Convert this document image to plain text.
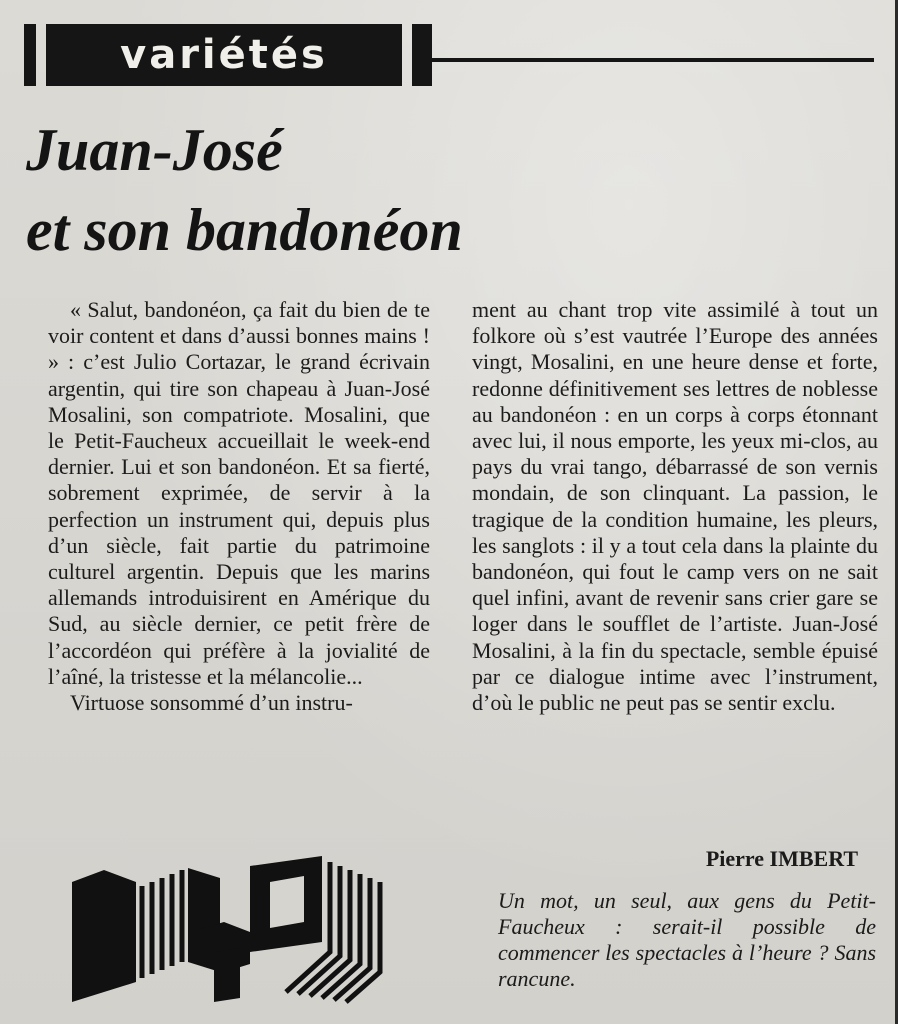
variétés
Juan-José
et son bandonéon

« Salut, bandonéon, ça fait du bien de te voir content et dans d’aussi bonnes mains ! » : c’est Julio Cortazar, le grand écrivain argentin, qui tire son chapeau à Juan-José Mosalini, son compatriote. Mosalini, que le Petit-Faucheux accueillait le week-end dernier. Lui et son bandonéon. Et sa fierté, sobrement exprimée, de servir à la perfection un instrument qui, depuis plus d’un siècle, fait partie du patrimoine culturel argentin. Depuis que les marins allemands introduisirent en Amérique du Sud, au siècle dernier, ce petit frère de l’accordéon qui préfère à la jovialité de l’aîné, la tristesse et la mélancolie...

Virtuose sonsommé d’un instru-

ment au chant trop vite assimilé à tout un folkore où s’est vautrée l’Europe des années vingt, Mosalini, en une heure dense et forte, redonne définitivement ses lettres de noblesse au bandonéon : en un corps à corps étonnant avec lui, il nous emporte, les yeux mi-clos, au pays du vrai tango, débarrassé de son vernis mondain, de son clinquant. La passion, le tragique de la condition humaine, les pleurs, les sanglots : il y a tout cela dans la plainte du bandonéon, qui fout le camp vers on ne sait quel infini, avant de revenir sans crier gare se loger dans le soufflet de l’artiste. Juan-José Mosalini, à la fin du spectacle, semble épuisé par ce dialogue intime avec l’instrument, d’où le public ne peut pas se sentir exclu.

Pierre IMBERT

Un mot, un seul, aux gens du Petit-Faucheux : serait-il possible de commencer les spectacles à l’heure ? Sans rancune.
